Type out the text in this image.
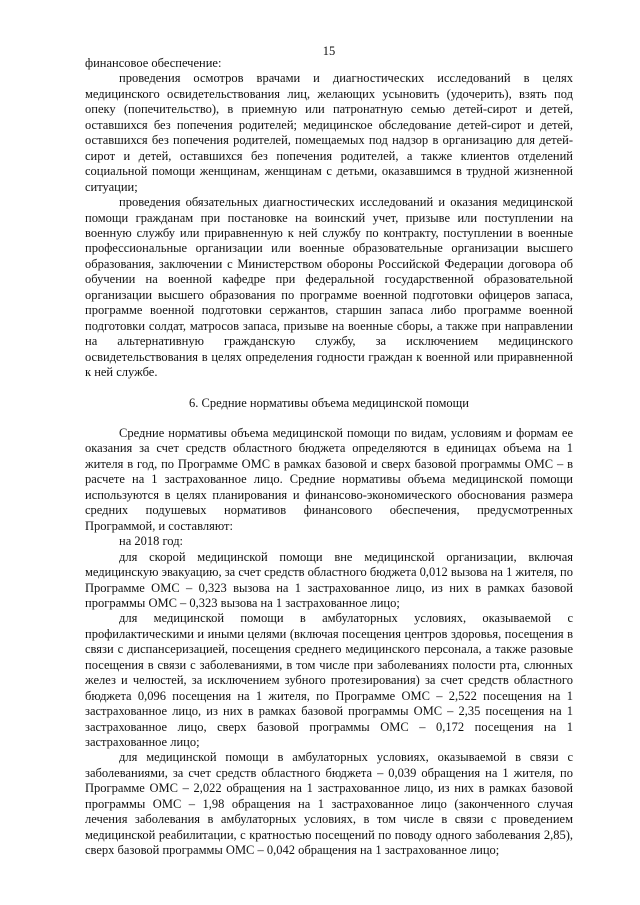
15

финансовое обеспечение:

проведения осмотров врачами и диагностических исследований в целях медицинского освидетельствования лиц, желающих усыновить (удочерить), взять под опеку (попечительство), в приемную или патронатную семью детей-сирот и детей, оставшихся без попечения родителей; медицинское обследование детей-сирот и детей, оставшихся без попечения родителей, помещаемых под надзор в организацию для детей-сирот и детей, оставшихся без попечения родителей, а также клиентов отделений социальной помощи женщинам, женщинам с детьми, оказавшимся в трудной жизненной ситуации;

проведения обязательных диагностических исследований и оказания медицинской помощи гражданам при постановке на воинский учет, призыве или поступлении на военную службу или приравненную к ней службу по контракту, поступлении в военные профессиональные организации или военные образовательные организации высшего образования, заключении с Министерством обороны Российской Федерации договора об обучении на военной кафедре при федеральной государственной образовательной организации высшего образования по программе военной подготовки офицеров запаса, программе военной подготовки сержантов, старшин запаса либо программе военной подготовки солдат, матросов запаса, призыве на военные сборы, а также при направлении на альтернативную гражданскую службу, за исключением медицинского освидетельствования в целях определения годности граждан к военной или приравненной к ней службе.

6. Средние нормативы объема медицинской помощи

Средние нормативы объема медицинской помощи по видам, условиям и формам ее оказания за счет средств областного бюджета определяются в единицах объема на 1 жителя в год, по Программе ОМС в рамках базовой и сверх базовой программы ОМС – в расчете на 1 застрахованное лицо. Средние нормативы объема медицинской помощи используются в целях планирования и финансово-экономического обоснования размера средних подушевых нормативов финансового обеспечения, предусмотренных Программой, и составляют:

на 2018 год:

для скорой медицинской помощи вне медицинской организации, включая медицинскую эвакуацию, за счет средств областного бюджета 0,012 вызова на 1 жителя, по Программе ОМС – 0,323 вызова на 1 застрахованное лицо, из них в рамках базовой программы ОМС – 0,323 вызова на 1 застрахованное лицо;

для медицинской помощи в амбулаторных условиях, оказываемой с профилактическими и иными целями (включая посещения центров здоровья, посещения в связи с диспансеризацией, посещения среднего медицинского персонала, а также разовые посещения в связи с заболеваниями, в том числе при заболеваниях полости рта, слюнных желез и челюстей, за исключением зубного протезирования) за счет средств областного бюджета 0,096 посещения на 1 жителя, по Программе ОМС – 2,522 посещения на 1 застрахованное лицо, из них в рамках базовой программы ОМС – 2,35 посещения на 1 застрахованное лицо, сверх базовой программы ОМС – 0,172 посещения на 1 застрахованное лицо;

для медицинской помощи в амбулаторных условиях, оказываемой в связи с заболеваниями, за счет средств областного бюджета – 0,039 обращения на 1 жителя, по Программе ОМС – 2,022 обращения на 1 застрахованное лицо, из них в рамках базовой программы ОМС – 1,98 обращения на 1 застрахованное лицо (законченного случая лечения заболевания в амбулаторных условиях, в том числе в связи с проведением медицинской реабилитации, с кратностью посещений по поводу одного заболевания 2,85), сверх базовой программы ОМС – 0,042 обращения на 1 застрахованное лицо;
